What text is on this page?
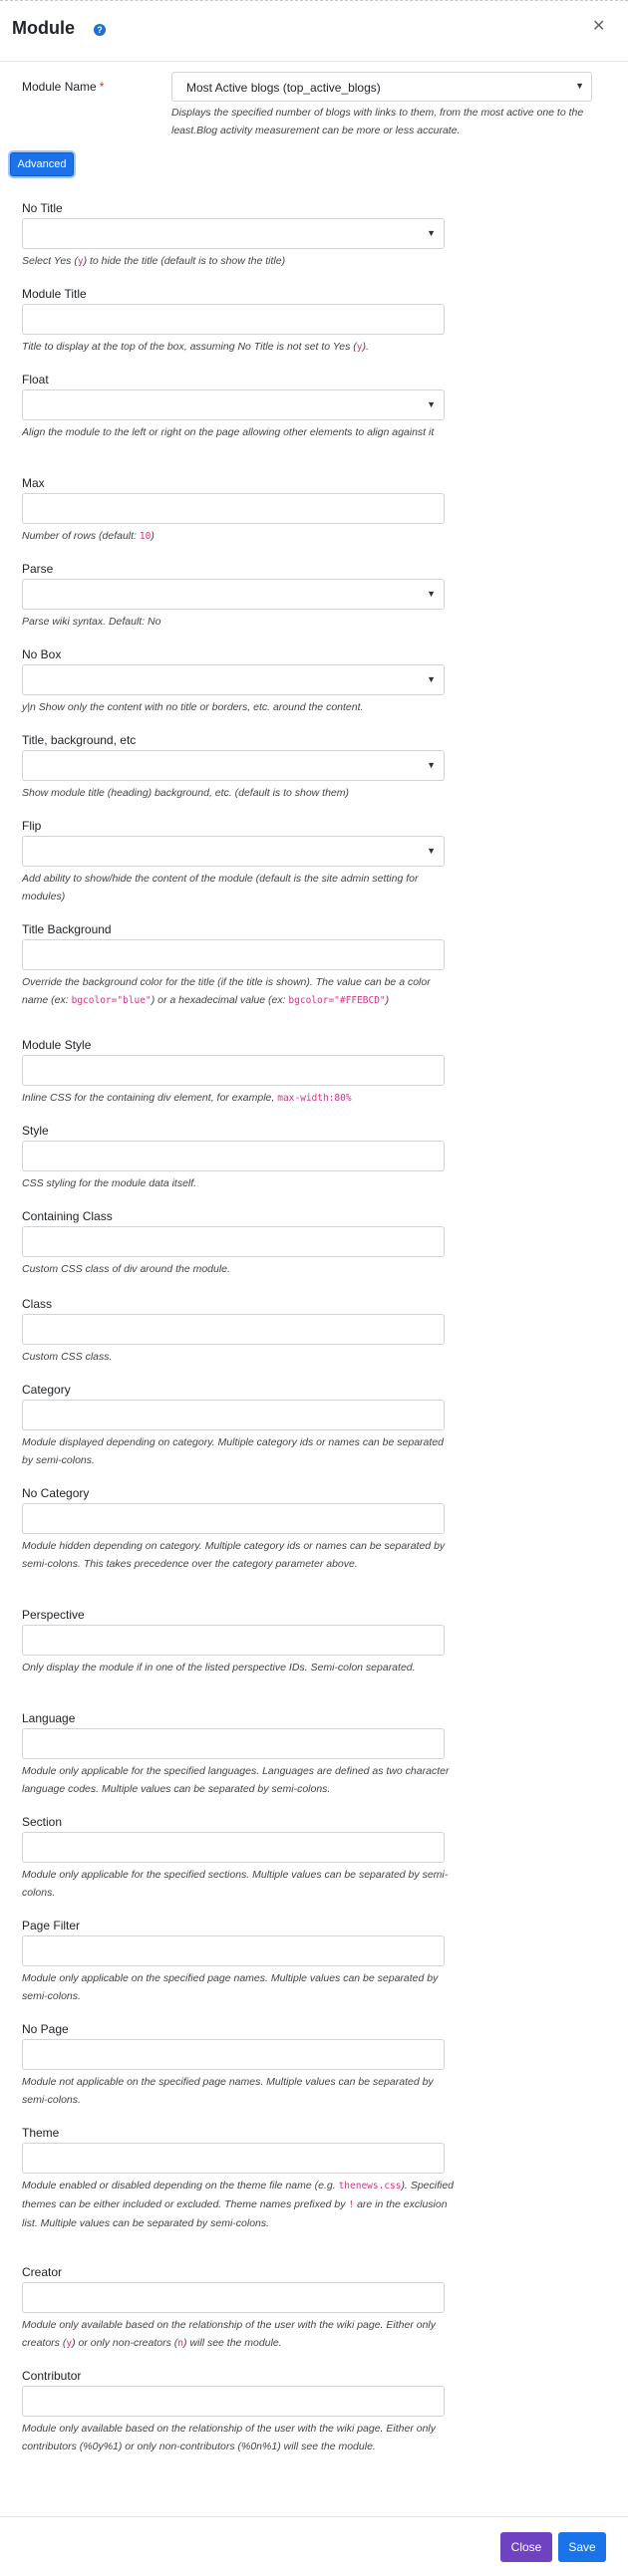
Module	?	✕
Module Name *	Most Active blogs (top_active_blogs)	▼
Displays the specified number of blogs with links to them, from the most active one to the least.Blog activity measurement can be more or less accurate.
Advanced
No Title
▼
Select Yes (y) to hide the title (default is to show the title)
Module Title
Title to display at the top of the box, assuming No Title is not set to Yes (y).
Float
▼
Align the module to the left or right on the page allowing other elements to align against it
Max
Number of rows (default: 10)
Parse
▼
Parse wiki syntax. Default: No
No Box
▼
y|n Show only the content with no title or borders, etc. around the content.
Title, background, etc
▼
Show module title (heading) background, etc. (default is to show them)
Flip
▼
Add ability to show/hide the content of the module (default is the site admin setting for modules)
Title Background
Override the background color for the title (if the title is shown). The value can be a color name (ex: bgcolor="blue") or a hexadecimal value (ex: bgcolor="#FFEBCD")
Module Style
Inline CSS for the containing div element, for example, max-width:80%
Style
CSS styling for the module data itself.
Containing Class
Custom CSS class of div around the module.
Class
Custom CSS class.
Category
Module displayed depending on category. Multiple category ids or names can be separated by semi-colons.
No Category
Module hidden depending on category. Multiple category ids or names can be separated by semi-colons. This takes precedence over the category parameter above.
Perspective
Only display the module if in one of the listed perspective IDs. Semi-colon separated.
Language
Module only applicable for the specified languages. Languages are defined as two character language codes. Multiple values can be separated by semi-colons.
Section
Module only applicable for the specified sections. Multiple values can be separated by semi-colons.
Page Filter
Module only applicable on the specified page names. Multiple values can be separated by semi-colons.
No Page
Module not applicable on the specified page names. Multiple values can be separated by semi-colons.
Theme
Module enabled or disabled depending on the theme file name (e.g. thenews.css). Specified themes can be either included or excluded. Theme names prefixed by ! are in the exclusion list. Multiple values can be separated by semi-colons.
Creator
Module only available based on the relationship of the user with the wiki page. Either only creators (y) or only non-creators (n) will see the module.
Contributor
Module only available based on the relationship of the user with the wiki page. Either only contributors (%0y%1) or only non-contributors (%0n%1) will see the module.
Close	Save
